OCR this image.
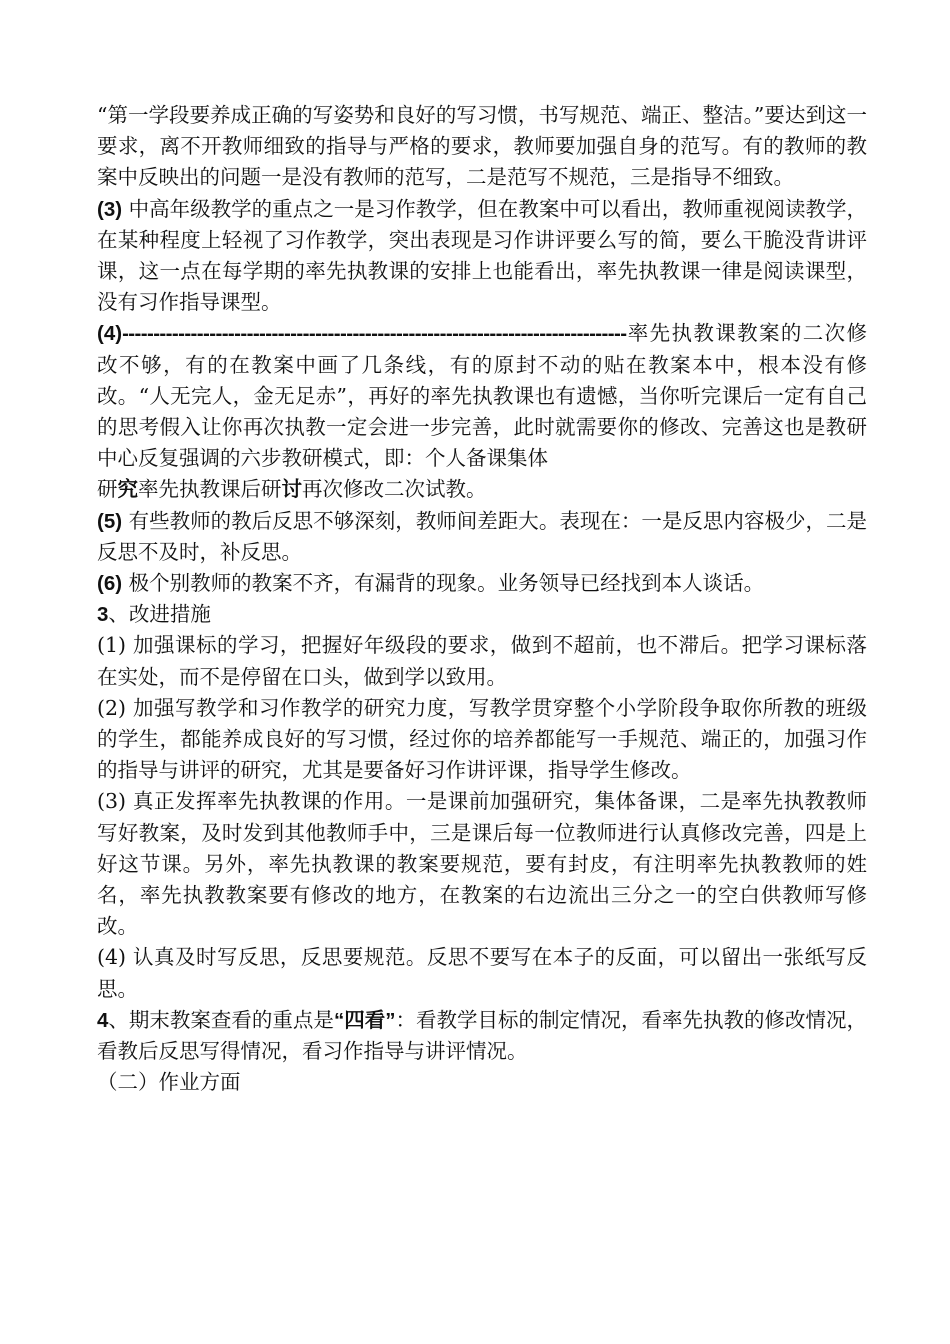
“第一学段要养成正确的写姿势和良好的写习惯，书写规范、端正、整洁。”要达到这一要求，离不开教师细致的指导与严格的要求，教师要加强自身的范写。有的教师的教案中反映出的问题一是没有教师的范写，二是范写不规范，三是指导不细致。

(3) 中高年级教学的重点之一是习作教学，但在教案中可以看出，教师重视阅读教学，在某种程度上轻视了习作教学，突出表现是习作讲评要么写的简，要么干脆没背讲评课，这一点在每学期的率先执教课的安排上也能看出，率先执教课一律是阅读课型，没有习作指导课型。

(4)---------------------------------------------------------------------------------率先执教课教案的二次修改不够，有的在教案中画了几条线，有的原封不动的贴在教案本中，根本没有修改。“人无完人，金无足赤”，再好的率先执教课也有遗憾，当你听完课后一定有自己的思考假入让你再次执教一定会进一步完善，此时就需要你的修改、完善这也是教研中心反复强调的六步教研模式，即：个人备课集体

研究率先执教课后研讨再次修改二次试教。

(5) 有些教师的教后反思不够深刻，教师间差距大。表现在：一是反思内容极少，二是反思不及时，补反思。

(6) 极个别教师的教案不齐，有漏背的现象。业务领导已经找到本人谈话。

3、改进措施

(1) 加强课标的学习，把握好年级段的要求，做到不超前，也不滞后。把学习课标落在实处，而不是停留在口头，做到学以致用。

(2) 加强写教学和习作教学的研究力度，写教学贯穿整个小学阶段争取你所教的班级的学生，都能养成良好的写习惯，经过你的培养都能写一手规范、端正的，加强习作的指导与讲评的研究，尤其是要备好习作讲评课，指导学生修改。

(3) 真正发挥率先执教课的作用。一是课前加强研究，集体备课，二是率先执教教师写好教案，及时发到其他教师手中，三是课后每一位教师进行认真修改完善，四是上好这节课。另外，率先执教课的教案要规范，要有封皮，有注明率先执教教师的姓名，率先执教教案要有修改的地方，在教案的右边流出三分之一的空白供教师写修改。

(4) 认真及时写反思，反思要规范。反思不要写在本子的反面，可以留出一张纸写反思。

4、期末教案查看的重点是“四看”：看教学目标的制定情况，看率先执教的修改情况，看教后反思写得情况，看习作指导与讲评情况。

（二）作业方面
